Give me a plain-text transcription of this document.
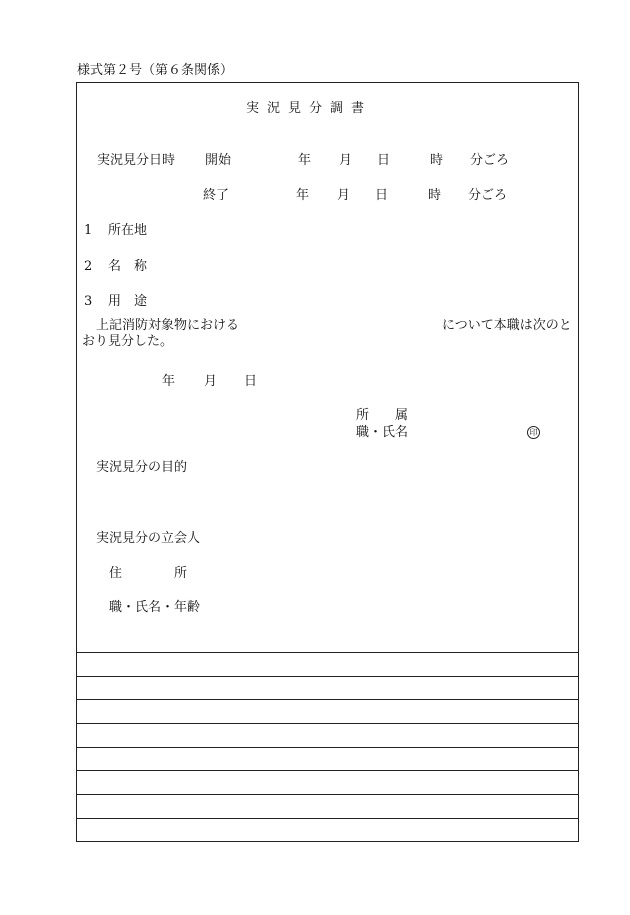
様式第２号（第６条関係）
実況見分調書
実況見分日時 開始	年 月 日	時 分ごろ
終了	年 月 日	時 分ごろ
1 所在地
2 名　称
3 用　途
上記消防対象物における	について本職は次のと
おり見分した。
年 月 日
所　　属
職・氏名	印
実況見分の目的
実況見分の立会人
住　　　　所
職・氏名・年齢
